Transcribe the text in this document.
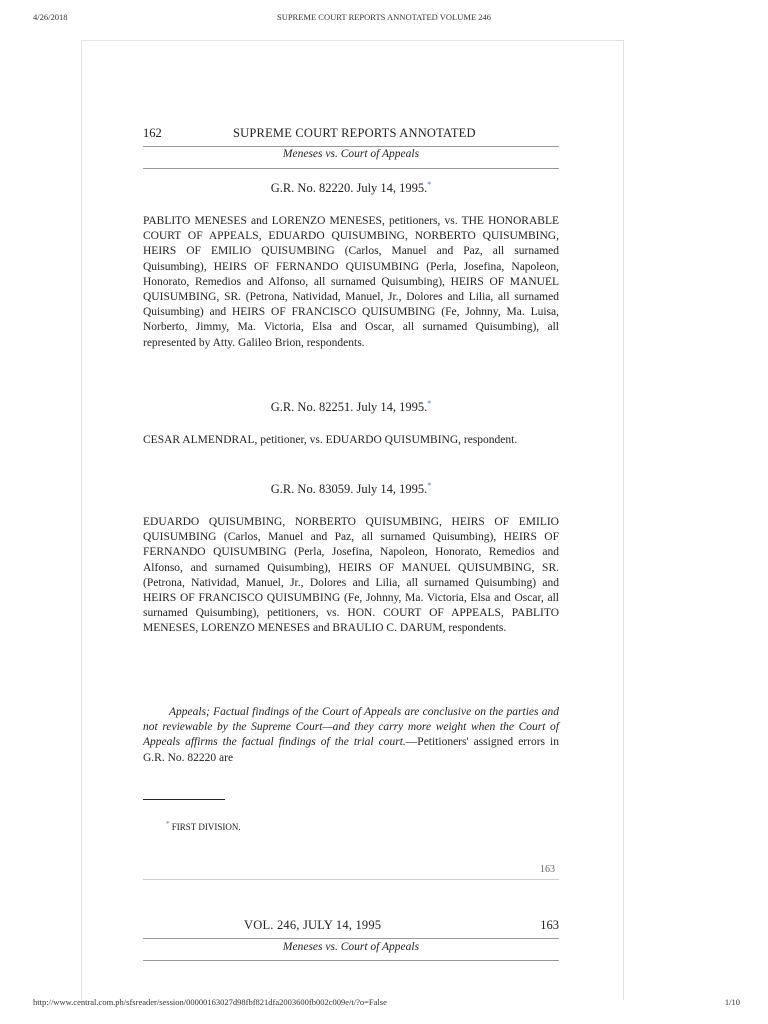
4/26/2018	SUPREME COURT REPORTS ANNOTATED VOLUME 246
162	SUPREME COURT REPORTS ANNOTATED
Meneses vs. Court of Appeals
G.R. No. 82220. July 14, 1995.*
PABLITO MENESES and LORENZO MENESES, petitioners, vs. THE HONORABLE COURT OF APPEALS, EDUARDO QUISUMBING, NORBERTO QUISUMBING, HEIRS OF EMILIO QUISUMBING (Carlos, Manuel and Paz, all surnamed Quisumbing), HEIRS OF FERNANDO QUISUMBING (Perla, Josefina, Napoleon, Honorato, Remedios and Alfonso, all surnamed Quisumbing), HEIRS OF MANUEL QUISUMBING, SR. (Petrona, Natividad, Manuel, Jr., Dolores and Lilia, all surnamed Quisumbing) and HEIRS OF FRANCISCO QUISUMBING (Fe, Johnny, Ma. Luisa, Norberto, Jimmy, Ma. Victoria, Elsa and Oscar, all surnamed Quisumbing), all represented by Atty. Galileo Brion, respondents.
G.R. No. 82251. July 14, 1995.*
CESAR ALMENDRAL, petitioner, vs. EDUARDO QUISUMBING, respondent.
G.R. No. 83059. July 14, 1995.*
EDUARDO QUISUMBING, NORBERTO QUISUMBING, HEIRS OF EMILIO QUISUMBING (Carlos, Manuel and Paz, all surnamed Quisumbing), HEIRS OF FERNANDO QUISUMBING (Perla, Josefina, Napoleon, Honorato, Remedios and Alfonso, and surnamed Quisumbing), HEIRS OF MANUEL QUISUMBING, SR. (Petrona, Natividad, Manuel, Jr., Dolores and Lilia, all surnamed Quisumbing) and HEIRS OF FRANCISCO QUISUMBING (Fe, Johnny, Ma. Victoria, Elsa and Oscar, all surnamed Quisumbing), petitioners, vs. HON. COURT OF APPEALS, PABLITO MENESES, LORENZO MENESES and BRAULIO C. DARUM, respondents.
Appeals; Factual findings of the Court of Appeals are conclusive on the parties and not reviewable by the Supreme Court—and they carry more weight when the Court of Appeals affirms the factual findings of the trial court.—Petitioners' assigned errors in G.R. No. 82220 are
* FIRST DIVISION.
163
VOL. 246, JULY 14, 1995	163
Meneses vs. Court of Appeals
http://www.central.com.ph/sfsreader/session/00000163027d98fbf821dfa2003600fb002c009e/t/?o=False	1/10
